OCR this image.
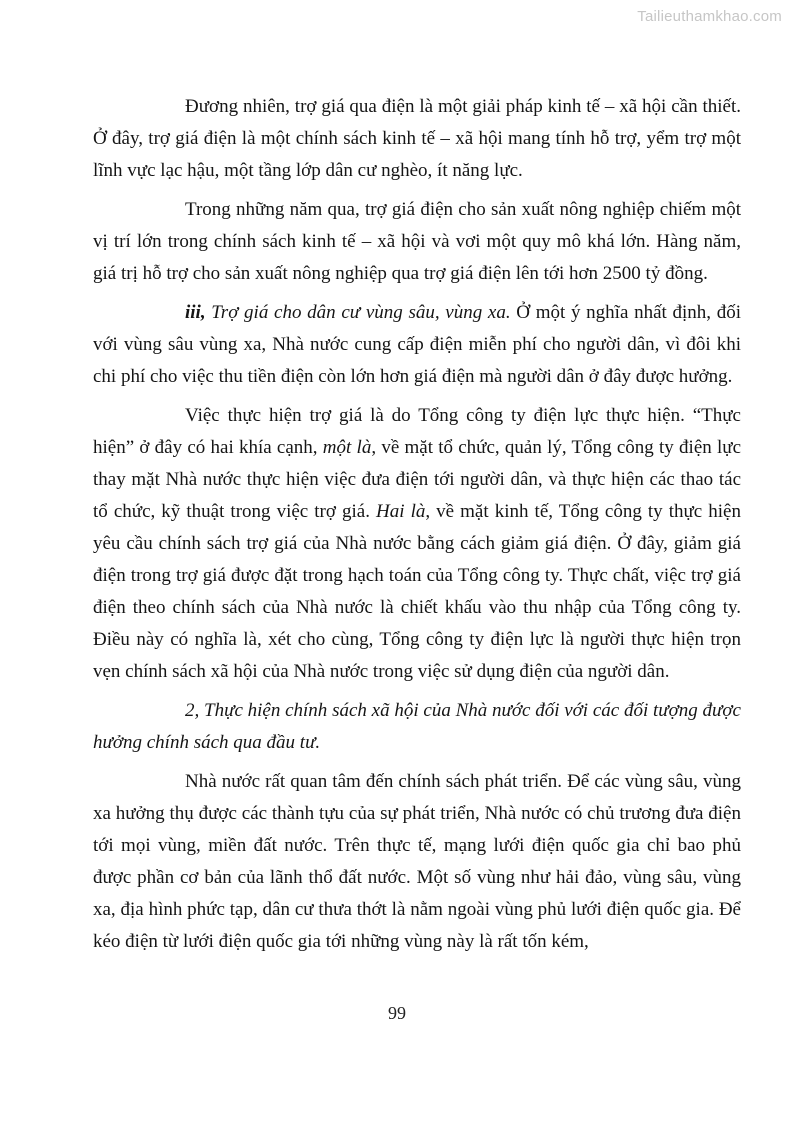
Tailieuthamkhao.com

Đương nhiên, trợ giá qua điện là một giải pháp kinh tế – xã hội cần thiết. Ở đây, trợ giá điện là một chính sách kinh tế – xã hội mang tính hỗ trợ, yểm trợ một lĩnh vực lạc hậu, một tầng lớp dân cư nghèo, ít năng lực.

Trong những năm qua, trợ giá điện cho sản xuất nông nghiệp chiếm một vị trí lớn trong chính sách kinh tế – xã hội và vơi một quy mô khá lớn. Hàng năm, giá trị hỗ trợ cho sản xuất nông nghiệp qua trợ giá điện lên tới hơn 2500 tỷ đồng.

iii, Trợ giá cho dân cư vùng sâu, vùng xa. Ở một ý nghĩa nhất định, đối với vùng sâu vùng xa, Nhà nước cung cấp điện miễn phí cho người dân, vì đôi khi chi phí cho việc thu tiền điện còn lớn hơn giá điện mà người dân ở đây được hưởng.

Việc thực hiện trợ giá là do Tổng công ty điện lực thực hiện. “Thực hiện” ở đây có hai khía cạnh, một là, về mặt tổ chức, quản lý, Tổng công ty điện lực thay mặt Nhà nước thực hiện việc đưa điện tới người dân, và thực hiện các thao tác tổ chức, kỹ thuật trong việc trợ giá. Hai là, về mặt kinh tế, Tổng công ty thực hiện yêu cầu chính sách trợ giá của Nhà nước bằng cách giảm giá điện. Ở đây, giảm giá điện trong trợ giá được đặt trong hạch toán của Tổng công ty. Thực chất, việc trợ giá điện theo chính sách của Nhà nước là chiết khấu vào thu nhập của Tổng công ty. Điều này có nghĩa là, xét cho cùng, Tổng công ty điện lực là người thực hiện trọn vẹn chính sách xã hội của Nhà nước trong việc sử dụng điện của người dân.

2, Thực hiện chính sách xã hội của Nhà nước đối với các đối tượng được hưởng chính sách qua đầu tư.

Nhà nước rất quan tâm đến chính sách phát triển. Để các vùng sâu, vùng xa hưởng thụ được các thành tựu của sự phát triển, Nhà nước có chủ trương đưa điện tới mọi vùng, miền đất nước. Trên thực tế, mạng lưới điện quốc gia chỉ bao phủ được phần cơ bản của lãnh thổ đất nước. Một số vùng như hải đảo, vùng sâu, vùng xa, địa hình phức tạp, dân cư thưa thớt là nằm ngoài vùng phủ lưới điện quốc gia. Để kéo điện từ lưới điện quốc gia tới những vùng này là rất tốn kém,

99
